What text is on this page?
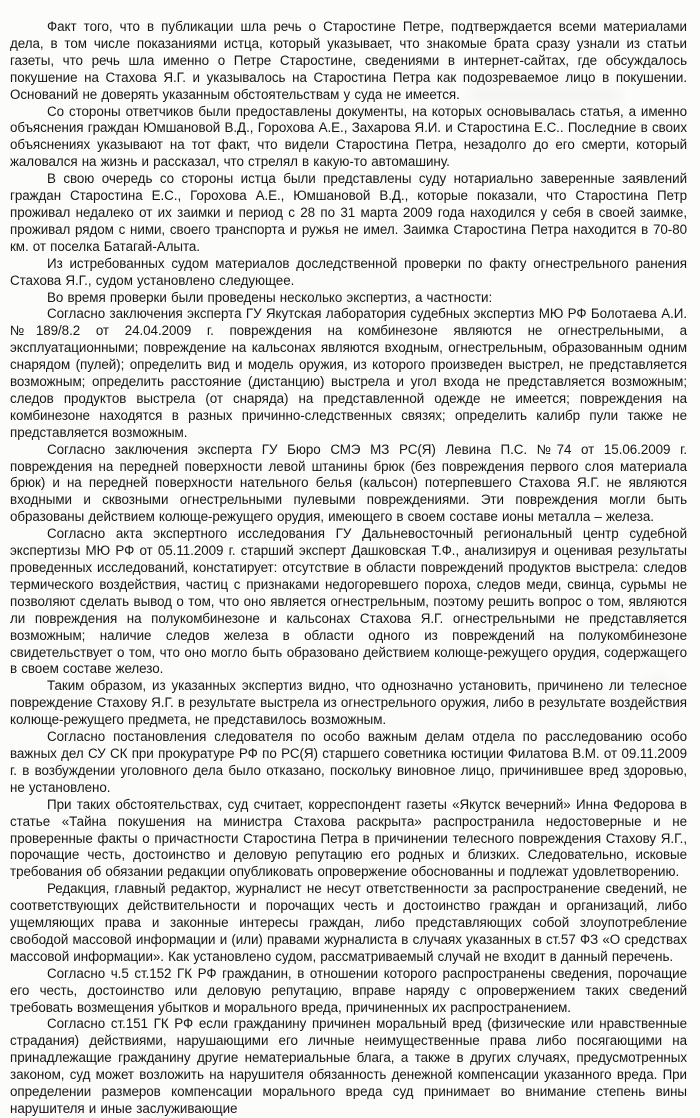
Факт того, что в публикации шла речь о Старостине Петре, подтверждается всеми материалами дела, в том числе показаниями истца, который указывает, что знакомые брата сразу узнали из статьи газеты, что речь шла именно о Петре Старостине, сведениями в интернет-сайтах, где обсуждалось покушение на Стахова Я.Г. и указывалось на Старостина Петра как подозреваемое лицо в покушении. Оснований не доверять указанным обстоятельствам у суда не имеется.

Со стороны ответчиков были предоставлены документы, на которых основывалась статья, а именно объяснения граждан Юмшановой В.Д., Горохова А.Е., Захарова Я.И. и Старостина Е.С.. Последние в своих объяснениях указывают на тот факт, что видели Старостина Петра, незадолго до его смерти, который жаловался на жизнь и рассказал, что стрелял в какую-то автомашину.

В свою очередь со стороны истца были представлены суду нотариально заверенные заявлений граждан Старостина Е.С., Горохова А.Е., Юмшановой В.Д., которые показали, что Старостина Петр проживал недалеко от их заимки и период с 28 по 31 марта 2009 года находился у себя в своей заимке, проживал рядом с ними, своего транспорта и ружья не имел. Заимка Старостина Петра находится в 70-80 км. от поселка Батагай-Алыта.

Из истребованных судом материалов доследственной проверки по факту огнестрельного ранения Стахова Я.Г., судом установлено следующее.

Во время проверки были проведены несколько экспертиз, а частности:

Согласно заключения эксперта ГУ Якутская лаборатория судебных экспертиз МЮ РФ Болотаева А.И. №189/8.2 от 24.04.2009 г. повреждения на комбинезоне являются не огнестрельными, а эксплуатационными; повреждение на кальсонах являются входным, огнестрельным, образованным одним снарядом (пулей); определить вид и модель оружия, из которого произведен выстрел, не представляется возможным; определить расстояние (дистанцию) выстрела и угол входа не представляется возможным; следов продуктов выстрела (от снаряда) на представленной одежде не имеется; повреждения на комбинезоне находятся в разных причинно-следственных связях; определить калибр пули также не представляется возможным.

Согласно заключения эксперта ГУ Бюро СМЭ МЗ РС(Я) Левина П.С. №74 от 15.06.2009 г. повреждения на передней поверхности левой штанины брюк (без повреждения первого слоя материала брюк) и на передней поверхности нательного белья (кальсон) потерпевшего Стахова Я.Г. не являются входными и сквозными огнестрельными пулевыми повреждениями. Эти повреждения могли быть образованы действием колюще-режущего орудия, имеющего в своем составе ионы металла – железа.

Согласно акта экспертного исследования ГУ Дальневосточный региональный центр судебной экспертизы МЮ РФ от 05.11.2009 г. старший эксперт Дашковская Т.Ф., анализируя и оценивая результаты проведенных исследований, констатирует: отсутствие в области повреждений продуктов выстрела: следов термического воздействия, частиц с признаками недогоревшего пороха, следов меди, свинца, сурьмы не позволяют сделать вывод о том, что оно является огнестрельным, поэтому решить вопрос о том, являются ли повреждения на полукомбинезоне и кальсонах Стахова Я.Г. огнестрельными не представляется возможным; наличие следов железа в области одного из повреждений на полукомбинезоне свидетельствует о том, что оно могло быть образовано действием колюще-режущего орудия, содержащего в своем составе железо.

Таким образом, из указанных экспертиз видно, что однозначно установить, причинено ли телесное повреждение Стахову Я.Г. в результате выстрела из огнестрельного оружия, либо в результате воздействия колюще-режущего предмета, не представилось возможным.

Согласно постановления следователя по особо важным делам отдела по расследованию особо важных дел СУ СК при прокуратуре РФ по РС(Я) старшего советника юстиции Филатова В.М. от 09.11.2009 г. в возбуждении уголовного дела было отказано, поскольку виновное лицо, причинившее вред здоровью, не установлено.

При таких обстоятельствах, суд считает, корреспондент газеты «Якутск вечерний» Инна Федорова в статье «Тайна покушения на министра Стахова раскрыта» распространила недостоверные и не проверенные факты о причастности Старостина Петра в причинении телесного повреждения Стахову Я.Г., порочащие честь, достоинство и деловую репутацию его родных и близких. Следовательно, исковые требования об обязании редакции опубликовать опровержение обоснованны и подлежат удовлетворению.

Редакция, главный редактор, журналист не несут ответственности за распространение сведений, не соответствующих действительности и порочащих честь и достоинство граждан и организаций, либо ущемляющих права и законные интересы граждан, либо представляющих собой злоупотребление свободой массовой информации и (или) правами журналиста в случаях указанных в ст.57 ФЗ «О средствах массовой информации». Как установлено судом, рассматриваемый случай не входит в данный перечень.

Согласно ч.5 ст.152 ГК РФ гражданин, в отношении которого распространены сведения, порочащие его честь, достоинство или деловую репутацию, вправе наряду с опровержением таких сведений требовать возмещения убытков и морального вреда, причиненных их распространением.

Согласно ст.151 ГК РФ если гражданину причинен моральный вред (физические или нравственные страдания) действиями, нарушающими его личные неимущественные права либо посягающими на принадлежащие гражданину другие нематериальные блага, а также в других случаях, предусмотренных законом, суд может возложить на нарушителя обязанность денежной компенсации указанного вреда. При определении размеров компенсации морального вреда суд принимает во внимание степень вины нарушителя и иные заслуживающие
